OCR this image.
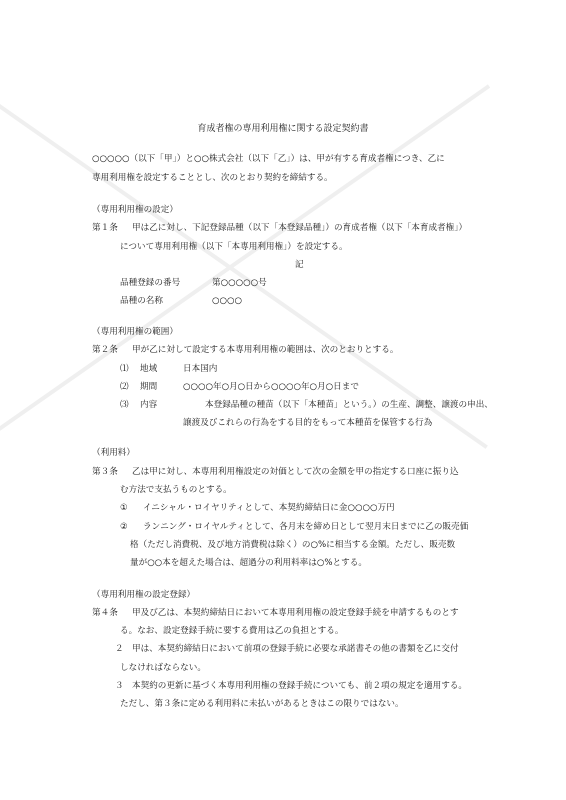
育成者権の専用利用権に関する設定契約書
○○○○○（以下「甲」）と○○株式会社（以下「乙」）は、甲が有する育成者権につき、乙に
専用利用権を設定することとし、次のとおり契約を締結する。
（専用利用権の設定）
第１条 甲は乙に対し、下記登録品種（以下「本登録品種」）の育成者権（以下「本育成者権」）
について専用利用権（以下「本専用利用権」）を設定する。
記
品種登録の番号	第○○○○○号
品種の名称	○○○○
（専用利用権の範囲）
第２条 甲が乙に対して設定する本専用利用権の範囲は、次のとおりとする。
⑴ 地域	日本国内
⑵ 期間	○○○○年○月○日から○○○○年○月○日まで
⑶ 内容	本登録品種の種苗（以下「本種苗」という。）の生産、調整、譲渡の申出、
譲渡及びこれらの行為をする目的をもって本種苗を保管する行為
（利用料）
第３条 乙は甲に対し、本専用利用権設定の対価として次の金額を甲の指定する口座に振り込
む方法で支払うものとする。
① イニシャル・ロイヤリティとして、本契約締結日に金○○○○万円
② ランニング・ロイヤルティとして、各月末を締め日として翌月末日までに乙の販売価
格（ただし消費税、及び地方消費税は除く）の○%に相当する金額。ただし、販売数
量が○○本を超えた場合は、超過分の利用料率は○%とする。
（専用利用権の設定登録）
第４条 甲及び乙は、本契約締結日において本専用利用権の設定登録手続を申請するものとす
る。なお、設定登録手続に要する費用は乙の負担とする。
２ 甲は、本契約締結日において前項の登録手続に必要な承諾書その他の書類を乙に交付
しなければならない。
３ 本契約の更新に基づく本専用利用権の登録手続についても、前２項の規定を適用する。
ただし、第３条に定める利用料に未払いがあるときはこの限りではない。
